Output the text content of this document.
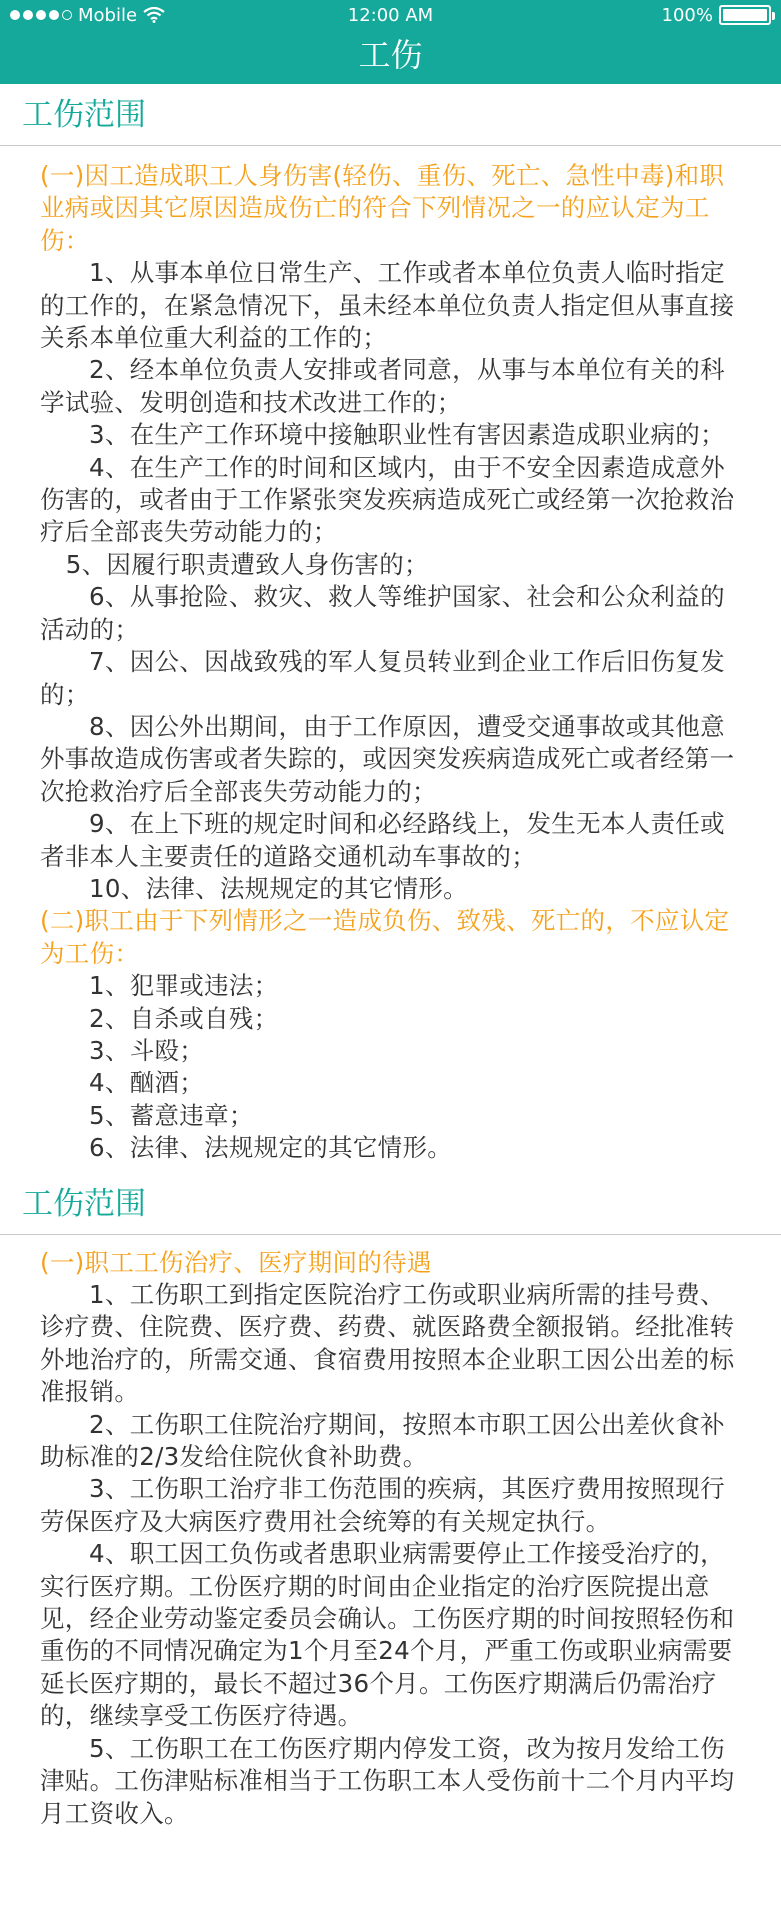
Mobile	12:00 AM	100%
工伤
工伤范围

(一)因工造成职工人身伤害(轻伤、重伤、死亡、急性中毒)和职业病或因其它原因造成伤亡的符合下列情况之一的应认定为工伤：

1、从事本单位日常生产、工作或者本单位负责人临时指定的工作的，在紧急情况下，虽未经本单位负责人指定但从事直接关系本单位重大利益的工作的；

2、经本单位负责人安排或者同意，从事与本单位有关的科学试验、发明创造和技术改进工作的；

3、在生产工作环境中接触职业性有害因素造成职业病的；

4、在生产工作的时间和区域内，由于不安全因素造成意外伤害的，或者由于工作紧张突发疾病造成死亡或经第一次抢救治疗后全部丧失劳动能力的；

5、因履行职责遭致人身伤害的；

6、从事抢险、救灾、救人等维护国家、社会和公众利益的活动的；

7、因公、因战致残的军人复员转业到企业工作后旧伤复发的；

8、因公外出期间，由于工作原因，遭受交通事故或其他意外事故造成伤害或者失踪的，或因突发疾病造成死亡或者经第一次抢救治疗后全部丧失劳动能力的；

9、在上下班的规定时间和必经路线上，发生无本人责任或者非本人主要责任的道路交通机动车事故的；

10、法律、法规规定的其它情形。

(二)职工由于下列情形之一造成负伤、致残、死亡的，不应认定为工伤：

1、犯罪或违法；

2、自杀或自残；

3、斗殴；

4、酗酒；

5、蓄意违章；

6、法律、法规规定的其它情形。

工伤范围

(一)职工工伤治疗、医疗期间的待遇

1、工伤职工到指定医院治疗工伤或职业病所需的挂号费、诊疗费、住院费、医疗费、药费、就医路费全额报销。经批准转外地治疗的，所需交通、食宿费用按照本企业职工因公出差的标准报销。

2、工伤职工住院治疗期间，按照本市职工因公出差伙食补助标准的2/3发给住院伙食补助费。

3、工伤职工治疗非工伤范围的疾病，其医疗费用按照现行劳保医疗及大病医疗费用社会统筹的有关规定执行。

4、职工因工负伤或者患职业病需要停止工作接受治疗的，实行医疗期。工份医疗期的时间由企业指定的治疗医院提出意见，经企业劳动鉴定委员会确认。工伤医疗期的时间按照轻伤和重伤的不同情况确定为1个月至24个月，严重工伤或职业病需要延长医疗期的，最长不超过36个月。工伤医疗期满后仍需治疗的，继续享受工伤医疗待遇。

5、工伤职工在工伤医疗期内停发工资，改为按月发给工伤津贴。工伤津贴标准相当于工伤职工本人受伤前十二个月内平均月工资收入。
